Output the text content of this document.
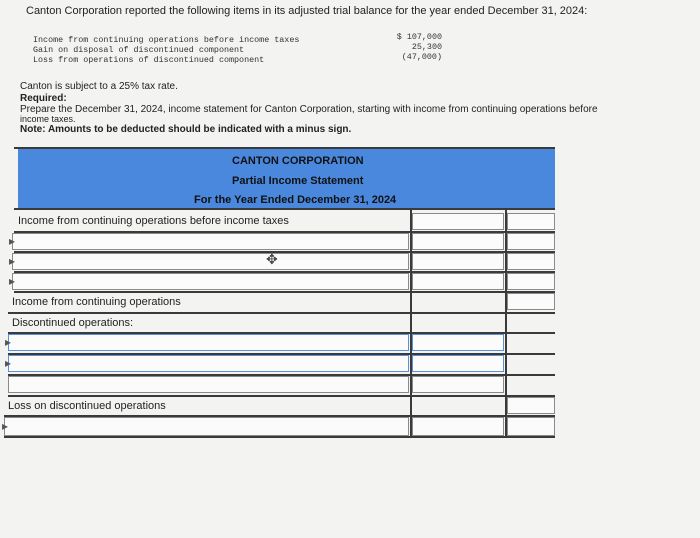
Canton Corporation reported the following items in its adjusted trial balance for the year ended December 31, 2024:
Income from continuing operations before income taxes	$ 107,000
Gain on disposal of discontinued component	25,300
Loss from operations of discontinued component	(47,000)
Canton is subject to a 25% tax rate.
Required:
Prepare the December 31, 2024, income statement for Canton Corporation, starting with income from continuing operations before
income taxes.
Note: Amounts to be deducted should be indicated with a minus sign.
CANTON CORPORATION
Partial Income Statement
For the Year Ended December 31, 2024
Income from continuing operations before income taxes
▸
▸	✥
▸
Income from continuing operations
Discontinued operations:
▸
▸
Loss on discontinued operations
▸
